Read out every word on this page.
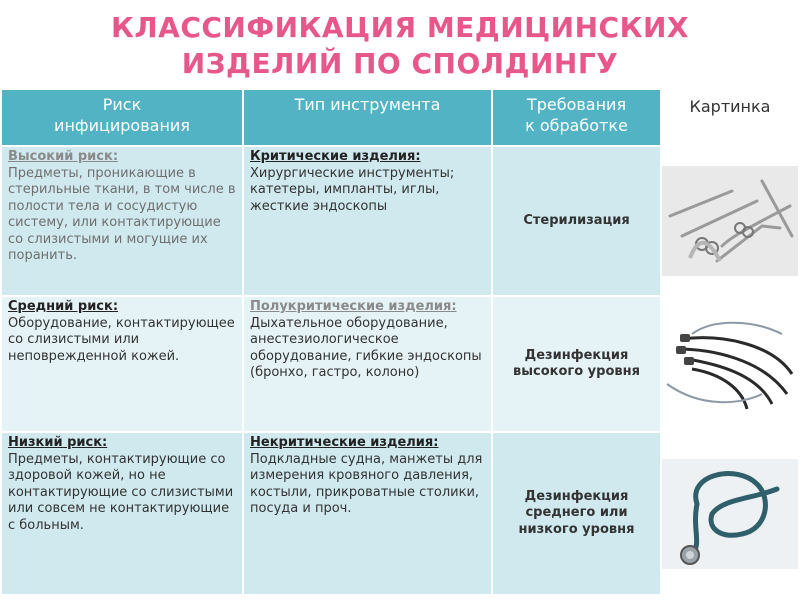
КЛАССИФИКАЦИЯ МЕДИЦИНСКИХ
ИЗДЕЛИЙ ПО СПОЛДИНГУ
Риск
инфицирования
Тип инструмента	Требования
к обработке
Картинка
Высокий риск:
Предметы, проникающие в стерильные ткани, в том числе в полости тела и сосудистую систему, или контактирующие со слизистыми и могущие их поранить.
Критические изделия:
Хирургические инструменты; катетеры, импланты, иглы, жесткие эндоскопы
Стерилизация
Средний риск:
Оборудование, контактирующее со слизистыми или неповрежденной кожей.
Полукритические изделия:
Дыхательное оборудование, анестезиологическое оборудование, гибкие эндоскопы (бронхо, гастро, колоно)
Дезинфекция высокого уровня
Низкий риск:
Предметы, контактирующие со здоровой кожей, но не контактирующие со слизистыми или совсем не контактирующие с больным.
Некритические изделия:
Подкладные судна, манжеты для измерения кровяного давления, костыли, прикроватные столики, посуда и проч.
Дезинфекция среднего или низкого уровня
